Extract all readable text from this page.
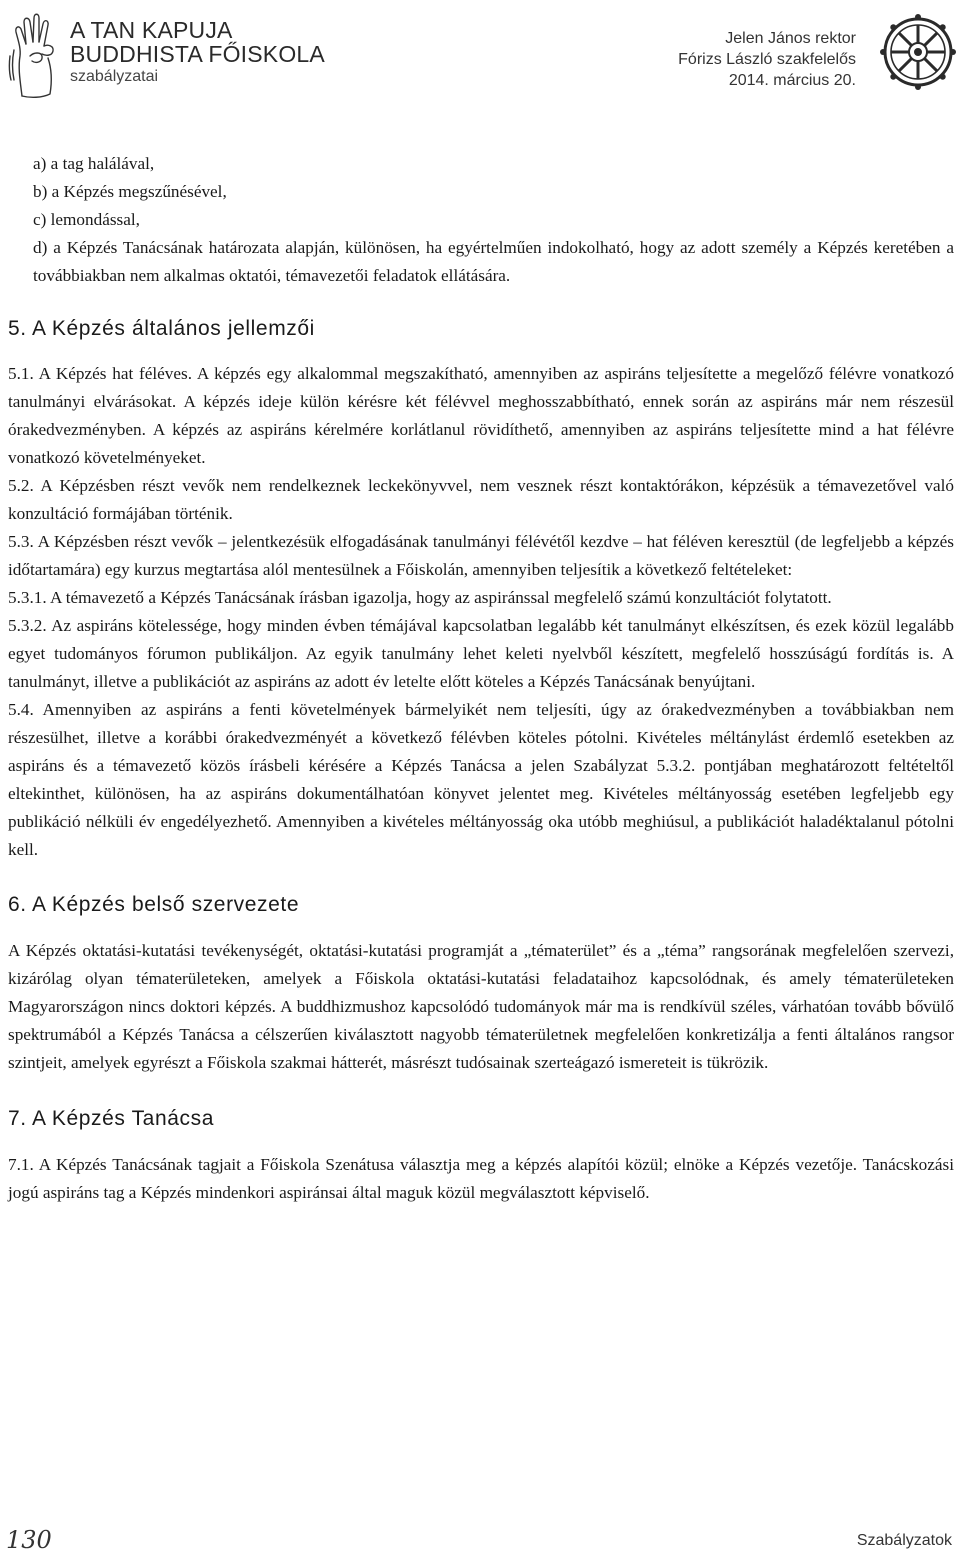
A TAN KAPUJA
BUDDHISTA FŐISKOLA
szabályzatai
Jelen János rektor
Fórizs László szakfelelős
2014. március 20.

a) a tag halálával,

b) a Képzés megszűnésével,

c) lemondással,

d) a Képzés Tanácsának határozata alapján, különösen, ha egyértelműen indokolható, hogy az adott személy a Képzés keretében a továbbiakban nem alkalmas oktatói, témavezetői feladatok ellátására.

5. A Képzés általános jellemzői

5.1. A Képzés hat féléves. A képzés egy alkalommal megszakítható, amennyiben az aspiráns teljesítette a megelőző félévre vonatkozó tanulmányi elvárásokat. A képzés ideje külön kérésre két félévvel meghosszabbítható, ennek során az aspiráns már nem részesül órakedvezményben. A képzés az aspiráns kérelmére korlátlanul rövidíthető, amennyiben az aspiráns teljesítette mind a hat félévre vonatkozó követelményeket.

5.2. A Képzésben részt vevők nem rendelkeznek leckekönyvvel, nem vesznek részt kontaktórákon, képzésük a témavezetővel való konzultáció formájában történik.

5.3. A Képzésben részt vevők – jelentkezésük elfogadásának tanulmányi félévétől kezdve – hat féléven keresztül (de legfeljebb a képzés időtartamára) egy kurzus megtartása alól mentesülnek a Főiskolán, amennyiben teljesítik a következő feltételeket:

5.3.1. A témavezető a Képzés Tanácsának írásban igazolja, hogy az aspiránssal megfelelő számú konzultációt folytatott.

5.3.2. Az aspiráns kötelessége, hogy minden évben témájával kapcsolatban legalább két tanulmányt elkészítsen, és ezek közül legalább egyet tudományos fórumon publikáljon. Az egyik tanulmány lehet keleti nyelvből készített, megfelelő hosszúságú fordítás is. A tanulmányt, illetve a publikációt az aspiráns az adott év letelte előtt köteles a Képzés Tanácsának benyújtani.

5.4. Amennyiben az aspiráns a fenti követelmények bármelyikét nem teljesíti, úgy az órakedvezményben a továbbiakban nem részesülhet, illetve a korábbi órakedvezményét a következő félévben köteles pótolni. Kivételes méltánylást érdemlő esetekben az aspiráns és a témavezető közös írásbeli kérésére a Képzés Tanácsa a jelen Szabályzat 5.3.2. pontjában meghatározott feltételtől eltekinthet, különösen, ha az aspiráns dokumentálhatóan könyvet jelentet meg. Kivételes méltányosság esetében legfeljebb egy publikáció nélküli év engedélyezhető. Amennyiben a kivételes méltányosság oka utóbb meghiúsul, a publikációt haladéktalanul pótolni kell.

6. A Képzés belső szervezete

A Képzés oktatási-kutatási tevékenységét, oktatási-kutatási programját a „tématerület” és a „téma” rangsorának megfelelően szervezi, kizárólag olyan tématerületeken, amelyek a Főiskola oktatási-kutatási feladataihoz kapcsolódnak, és amely tématerületeken Magyarországon nincs doktori képzés. A buddhizmushoz kapcsolódó tudományok már ma is rendkívül széles, várhatóan tovább bővülő spektrumából a Képzés Tanácsa a célszerűen kiválasztott nagyobb tématerületnek megfelelően konkretizálja a fenti általános rangsor szintjeit, amelyek egyrészt a Főiskola szakmai hátterét, másrészt tudósainak szerteágazó ismereteit is tükrözik.

7. A Képzés Tanácsa

7.1. A Képzés Tanácsának tagjait a Főiskola Szenátusa választja meg a képzés alapítói közül; elnöke a Képzés vezetője. Tanácskozási jogú aspiráns tag a Képzés mindenkori aspiránsai által maguk közül megválasztott képviselő.

130	Szabályzatok
